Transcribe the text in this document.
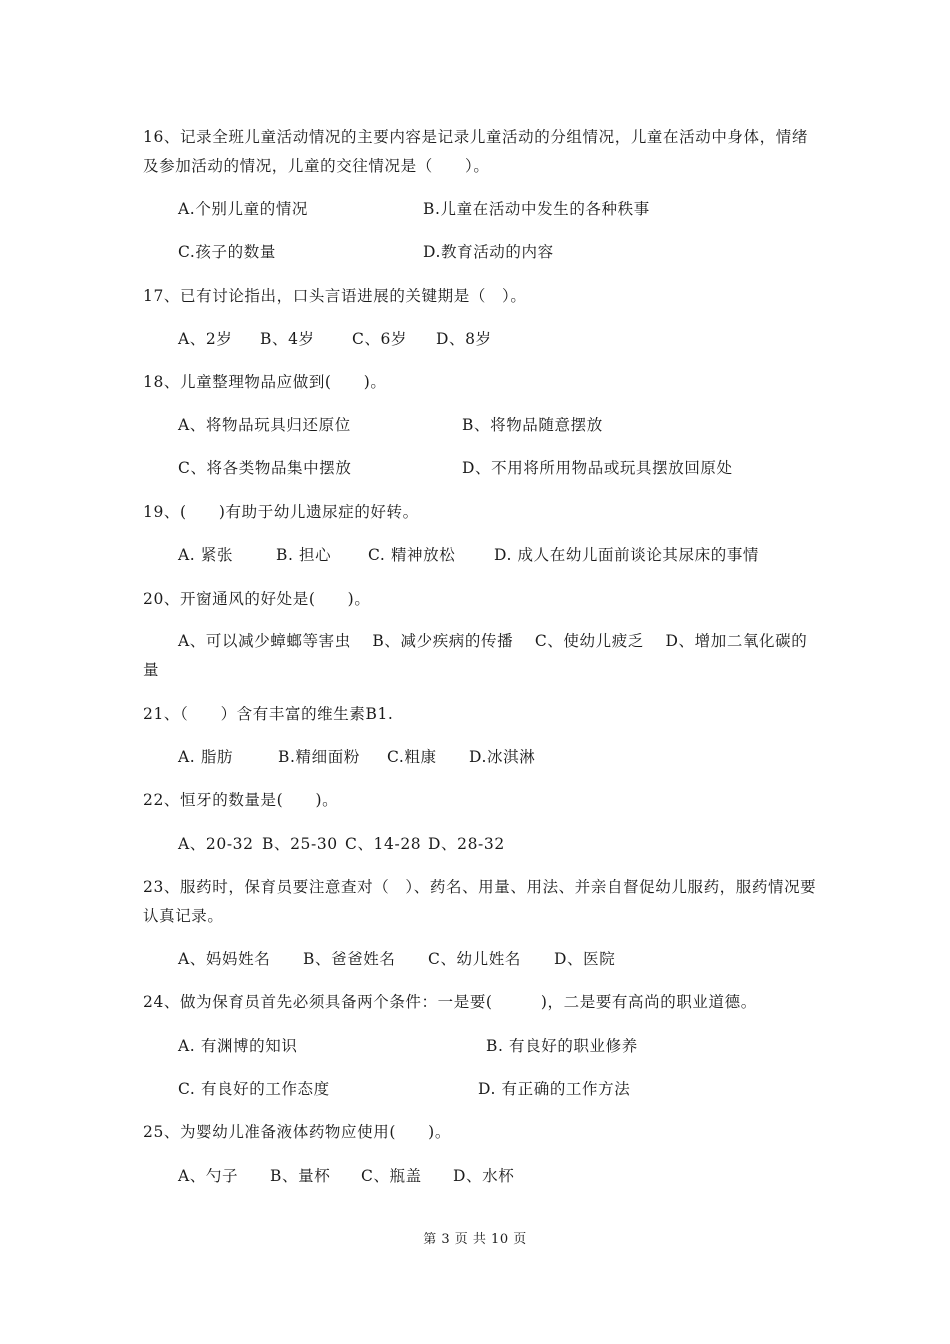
16、记录全班儿童活动情况的主要内容是记录儿童活动的分组情况，儿童在活动中身体，情绪及参加活动的情况，儿童的交往情况是（　　）。
A.个别儿童的情况	B.儿童在活动中发生的各种秩事
C.孩子的数量	D.教育活动的内容
17、已有讨论指出，口头言语进展的关键期是（　）。
A、2岁 B、4岁 C、6岁 D、8岁
18、儿童整理物品应做到(　　)。
A、将物品玩具归还原位	B、将物品随意摆放
C、将各类物品集中摆放	D、不用将所用物品或玩具摆放回原处
19、(　　)有助于幼儿遗尿症的好转。
A. 紧张	B. 担心 C. 精神放松 D. 成人在幼儿面前谈论其尿床的事情
20、开窗通风的好处是(　　)。
A、可以减少蟑螂等害虫　 B、减少疾病的传播　 C、使幼儿疲乏　 D、增加二氧化碳的量
21、（　　）含有丰富的维生素B1.
A. 脂肪	B.精细面粉 C.粗康 D.冰淇淋
22、恒牙的数量是(　　)。
A、20-32 B、25-30 C、14-28 D、28-32
23、服药时，保育员要注意查对（　）、药名、用量、用法、并亲自督促幼儿服药，服药情况要认真记录。
A、妈妈姓名 B、爸爸姓名 C、幼儿姓名 D、医院
24、做为保育员首先必须具备两个条件：一是要(　　　)，二是要有高尚的职业道德。
A. 有渊博的知识	B. 有良好的职业修养
C. 有良好的工作态度	D. 有正确的工作方法
25、为婴幼儿准备液体药物应使用(　　)。
A、勺子 B、量杯 C、瓶盖 D、水杯
第 3 页 共 10 页
